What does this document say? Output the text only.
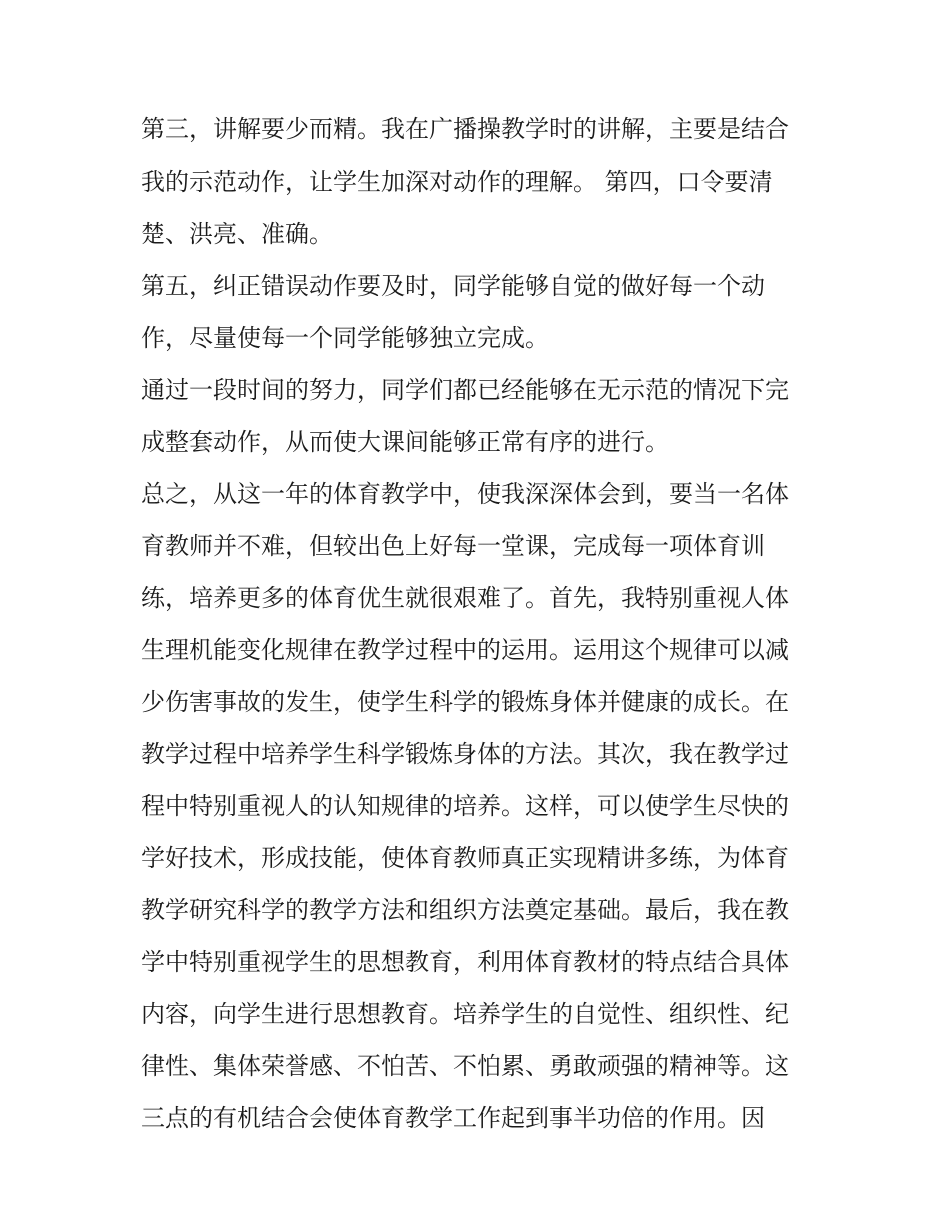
第三，讲解要少而精。我在广播操教学时的讲解，主要是结合
我的示范动作，让学生加深对动作的理解。 第四，口令要清
楚、洪亮、准确。
第五，纠正错误动作要及时，同学能够自觉的做好每一个动
作，尽量使每一个同学能够独立完成。
通过一段时间的努力，同学们都已经能够在无示范的情况下完
成整套动作，从而使大课间能够正常有序的进行。
总之，从这一年的体育教学中，使我深深体会到，要当一名体
育教师并不难，但较出色上好每一堂课，完成每一项体育训
练，培养更多的体育优生就很艰难了。首先，我特别重视人体
生理机能变化规律在教学过程中的运用。运用这个规律可以减
少伤害事故的发生，使学生科学的锻炼身体并健康的成长。在
教学过程中培养学生科学锻炼身体的方法。其次，我在教学过
程中特别重视人的认知规律的培养。这样，可以使学生尽快的
学好技术，形成技能，使体育教师真正实现精讲多练，为体育
教学研究科学的教学方法和组织方法奠定基础。最后，我在教
学中特别重视学生的思想教育，利用体育教材的特点结合具体
内容，向学生进行思想教育。培养学生的自觉性、组织性、纪
律性、集体荣誉感、不怕苦、不怕累、勇敢顽强的精神等。这
三点的有机结合会使体育教学工作起到事半功倍的作用。因
